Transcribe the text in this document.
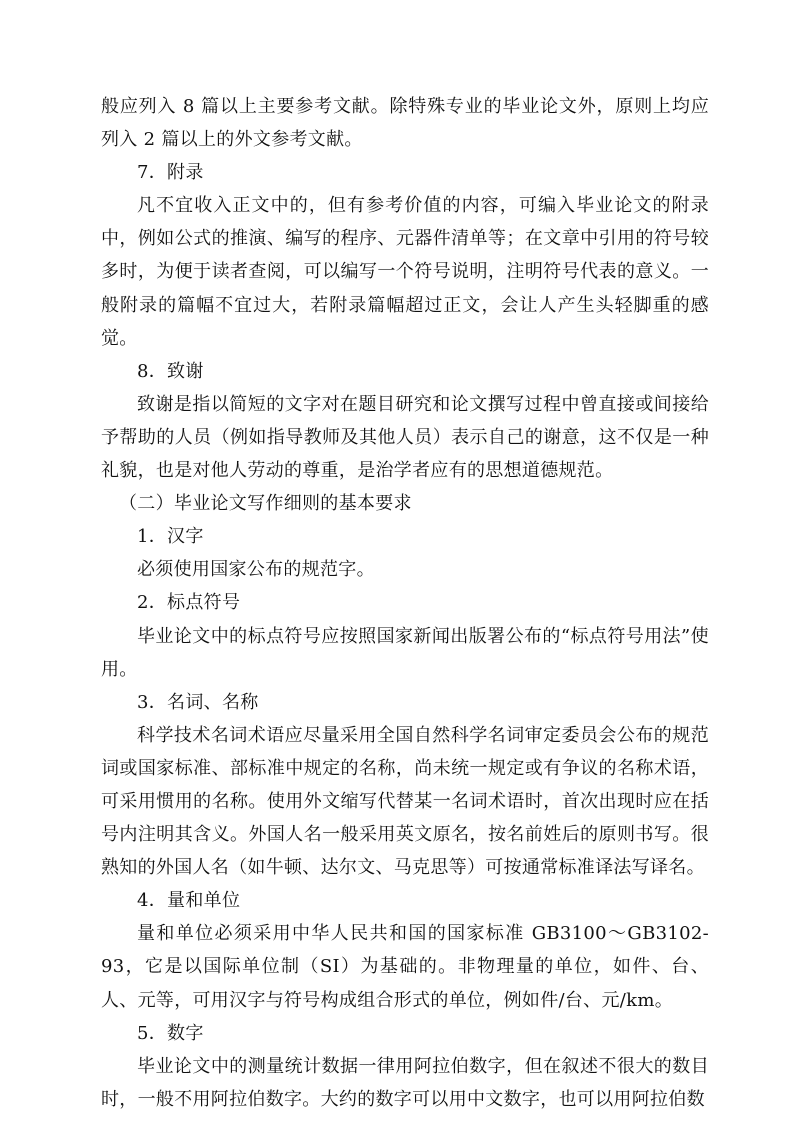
般应列入 8 篇以上主要参考文献。除特殊专业的毕业论文外，原则上均应列入 2 篇以上的外文参考文献。

7．附录

凡不宜收入正文中的，但有参考价值的内容，可编入毕业论文的附录中，例如公式的推演、编写的程序、元器件清单等；在文章中引用的符号较多时，为便于读者查阅，可以编写一个符号说明，注明符号代表的意义。一般附录的篇幅不宜过大，若附录篇幅超过正文，会让人产生头轻脚重的感觉。

8．致谢

致谢是指以简短的文字对在题目研究和论文撰写过程中曾直接或间接给予帮助的人员（例如指导教师及其他人员）表示自己的谢意，这不仅是一种礼貌，也是对他人劳动的尊重，是治学者应有的思想道德规范。

（二）毕业论文写作细则的基本要求

1．汉字

必须使用国家公布的规范字。

2．标点符号

毕业论文中的标点符号应按照国家新闻出版署公布的“标点符号用法”使用。

3．名词、名称

科学技术名词术语应尽量采用全国自然科学名词审定委员会公布的规范词或国家标准、部标准中规定的名称，尚未统一规定或有争议的名称术语，可采用惯用的名称。使用外文缩写代替某一名词术语时，首次出现时应在括号内注明其含义。外国人名一般采用英文原名，按名前姓后的原则书写。很熟知的外国人名（如牛顿、达尔文、马克思等）可按通常标准译法写译名。

4．量和单位

量和单位必须采用中华人民共和国的国家标准 GB3100～GB3102-93，它是以国际单位制（SI）为基础的。非物理量的单位，如件、台、人、元等，可用汉字与符号构成组合形式的单位，例如件/台、元/km。

5．数字

毕业论文中的测量统计数据一律用阿拉伯数字，但在叙述不很大的数目时，一般不用阿拉伯数字。大约的数字可以用中文数字，也可以用阿拉伯数
